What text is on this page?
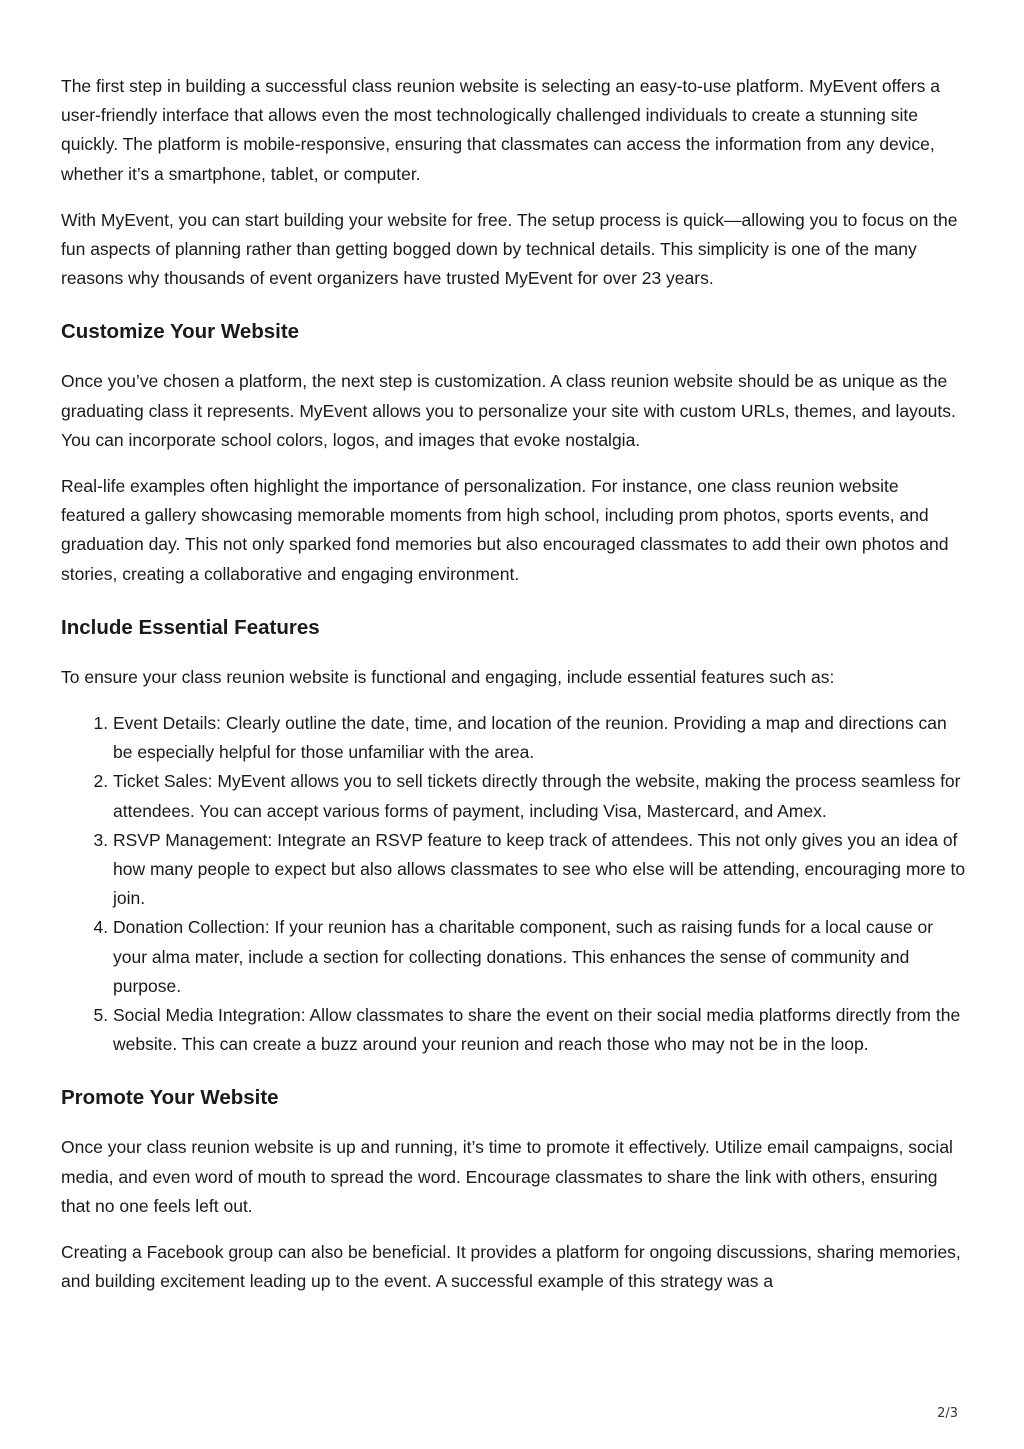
The first step in building a successful class reunion website is selecting an easy-to-use platform. MyEvent offers a user-friendly interface that allows even the most technologically challenged individuals to create a stunning site quickly. The platform is mobile-responsive, ensuring that classmates can access the information from any device, whether it’s a smartphone, tablet, or computer.

With MyEvent, you can start building your website for free. The setup process is quick—allowing you to focus on the fun aspects of planning rather than getting bogged down by technical details. This simplicity is one of the many reasons why thousands of event organizers have trusted MyEvent for over 23 years.

Customize Your Website

Once you’ve chosen a platform, the next step is customization. A class reunion website should be as unique as the graduating class it represents. MyEvent allows you to personalize your site with custom URLs, themes, and layouts. You can incorporate school colors, logos, and images that evoke nostalgia.

Real-life examples often highlight the importance of personalization. For instance, one class reunion website featured a gallery showcasing memorable moments from high school, including prom photos, sports events, and graduation day. This not only sparked fond memories but also encouraged classmates to add their own photos and stories, creating a collaborative and engaging environment.

Include Essential Features

To ensure your class reunion website is functional and engaging, include essential features such as:

1. Event Details: Clearly outline the date, time, and location of the reunion. Providing a map and directions can be especially helpful for those unfamiliar with the area.
2. Ticket Sales: MyEvent allows you to sell tickets directly through the website, making the process seamless for attendees. You can accept various forms of payment, including Visa, Mastercard, and Amex.
3. RSVP Management: Integrate an RSVP feature to keep track of attendees. This not only gives you an idea of how many people to expect but also allows classmates to see who else will be attending, encouraging more to join.
4. Donation Collection: If your reunion has a charitable component, such as raising funds for a local cause or your alma mater, include a section for collecting donations. This enhances the sense of community and purpose.
5. Social Media Integration: Allow classmates to share the event on their social media platforms directly from the website. This can create a buzz around your reunion and reach those who may not be in the loop.
Promote Your Website

Once your class reunion website is up and running, it’s time to promote it effectively. Utilize email campaigns, social media, and even word of mouth to spread the word. Encourage classmates to share the link with others, ensuring that no one feels left out.

Creating a Facebook group can also be beneficial. It provides a platform for ongoing discussions, sharing memories, and building excitement leading up to the event. A successful example of this strategy was a

2/3
